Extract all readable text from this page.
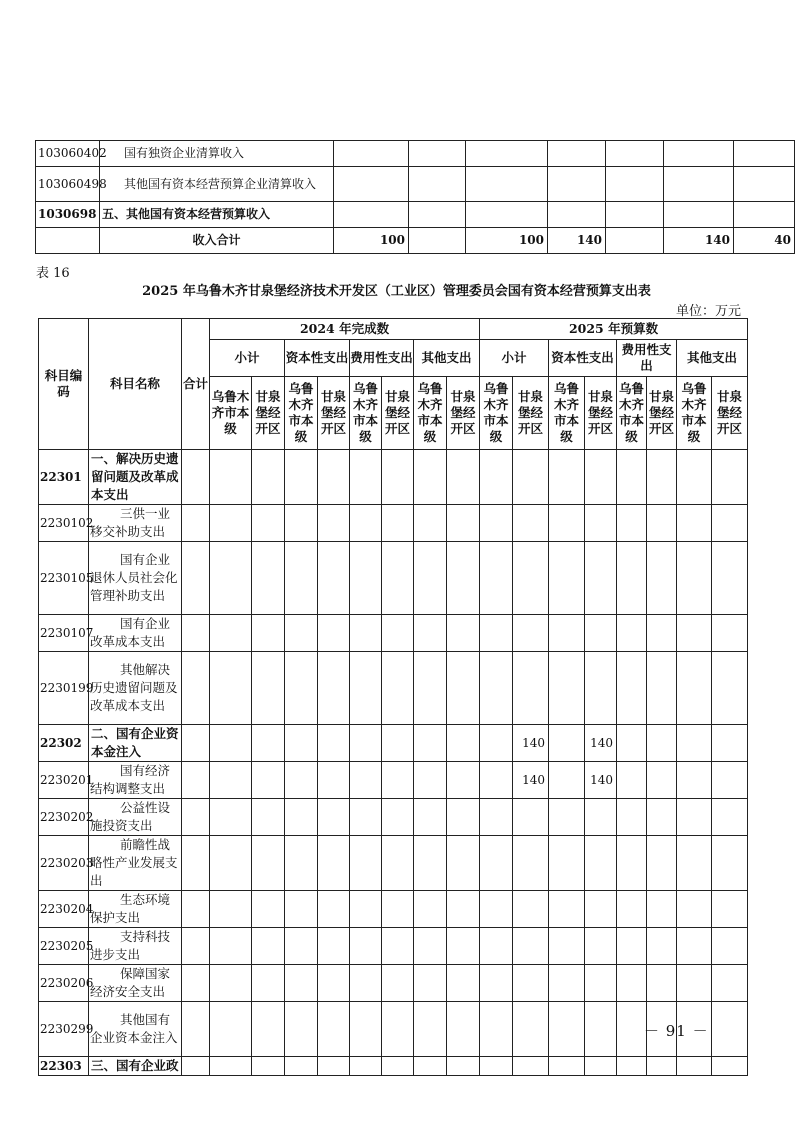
103060402	国有独资企业清算收入							
103060498	其他国有资本经营预算企业清算收入							
1030698	五、其他国有资本经营预算收入							
	收入合计	100		100	140		140	40
表 16
2025 年乌鲁木齐甘泉堡经济技术开发区（工业区）管理委员会国有资本经营预算支出表
单位：万元
科目编码	科目名称	合计	2024 年完成数								2025 年预算数							
			小计		资本性支出		费用性支出		其他支出		小计		资本性支出		费用性支出		其他支出	
			乌鲁木齐市本级	甘泉堡经开区	乌鲁木齐市本级	甘泉堡经开区	乌鲁木齐市本级	甘泉堡经开区	乌鲁木齐市本级	甘泉堡经开区	乌鲁木齐市本级	甘泉堡经开区	乌鲁木齐市本级	甘泉堡经开区	乌鲁木齐市本级	甘泉堡经开区	乌鲁木齐市本级	甘泉堡经开区
22301	一、解决历史遗留问题及改革成本支出																	
2230102	三供一业移交补助支出																	
2230105	国有企业退休人员社会化管理补助支出																	
2230107	国有企业改革成本支出																	
2230199	其他解决历史遗留问题及改革成本支出																	
22302	二、国有企业资本金注入											140		140				
2230201	国有经济结构调整支出											140		140				
2230202	公益性设施投资支出																	
2230203	前瞻性战略性产业发展支出																	
2230204	生态环境保护支出																	
2230205	支持科技进步支出																	
2230206	保障国家经济安全支出																	
2230299	其他国有企业资本金注入																	
22303	三、国有企业政																	
－ 91 －
